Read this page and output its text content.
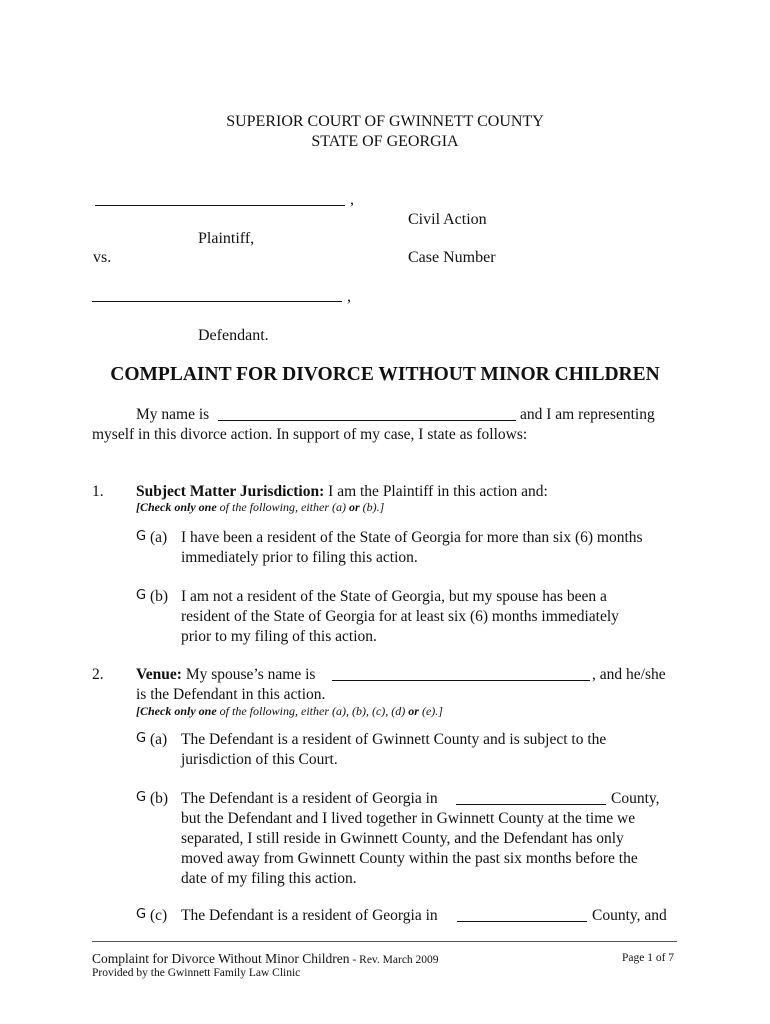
SUPERIOR COURT OF GWINNETT COUNTY
STATE OF GEORGIA
,
Civil Action
Plaintiff,
vs.	Case Number
,
Defendant.
COMPLAINT FOR DIVORCE WITHOUT MINOR CHILDREN
My name is	and I am representing
myself in this divorce action. In support of my case, I state as follows:
1. Subject Matter Jurisdiction: I am the Plaintiff in this action and:
[Check only one of the following, either (a) or (b).]
G (a) I have been a resident of the State of Georgia for more than six (6) months
immediately prior to filing this action.
G (b) I am not a resident of the State of Georgia, but my spouse has been a
resident of the State of Georgia for at least six (6) months immediately
prior to my filing of this action.
2. Venue: My spouse’s name is	, and he/she
is the Defendant in this action.
[Check only one of the following, either (a), (b), (c), (d) or (e).]
G (a) The Defendant is a resident of Gwinnett County and is subject to the
jurisdiction of this Court.
G (b) The Defendant is a resident of Georgia in	County,
but the Defendant and I lived together in Gwinnett County at the time we
separated, I still reside in Gwinnett County, and the Defendant has only
moved away from Gwinnett County within the past six months before the
date of my filing this action.
G (c) The Defendant is a resident of Georgia in	County, and
Complaint for Divorce Without Minor Children - Rev. March 2009	Page 1 of 7
Provided by the Gwinnett Family Law Clinic
